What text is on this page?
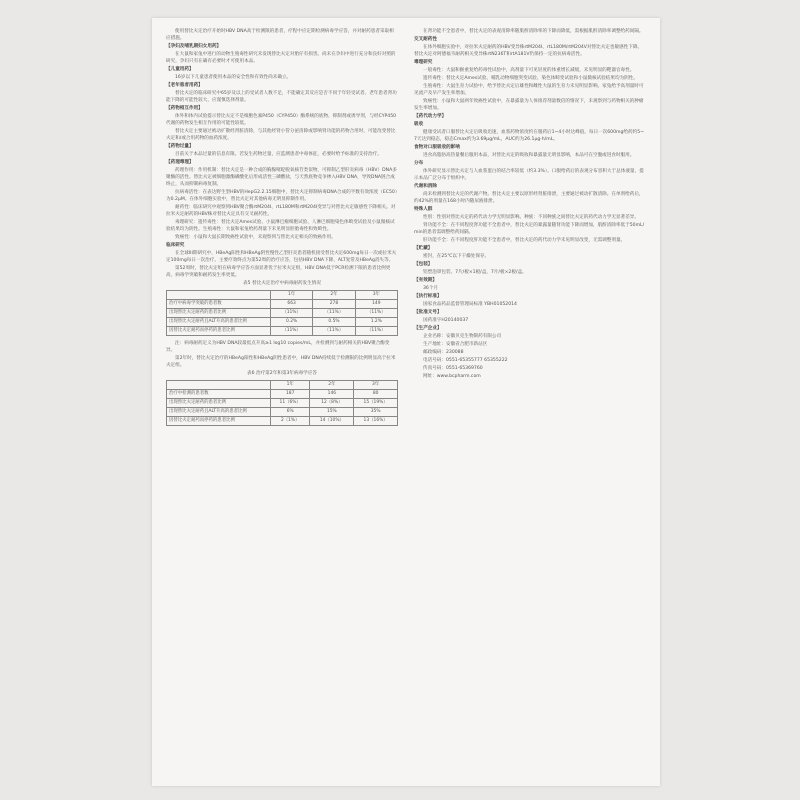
使用替比夫定治疗开始时HBV DNA高于检测限的患者，疗程中应定期检测病毒学应答，并对耐药患者采取相应措施。

【孕妇及哺乳期妇女用药】

在大鼠和家兔中进行的动物生殖毒性研究未发现替比夫定对胎仔有损害。尚未在孕妇中进行充分和良好对照的研究，孕妇只有在确有必要时才可使用本品。

【儿童用药】

16岁以下儿童患者使用本品的安全性和有效性尚未确立。

【老年患者用药】

替比夫定的临床研究中65岁及以上的受试者人数不足，不能确定其反应是否不同于年轻受试者。老年患者肾功能下降的可能性较大，应谨慎选择剂量。

【药物相互作用】

体外和体内试验提示替比夫定不是细胞色素P450（CYP450）酶系统的底物、抑制剂或诱导剂，与经CYP450代谢的药物发生相互作用的可能性较低。

替比夫定主要通过被动扩散经肾脏清除，与其他经肾小管分泌清除或影响肾功能的药物合用时，可能改变替比夫定和/或合用药物的血药浓度。

【药物过量】

目前关于本品过量的信息有限。若发生药物过量，应监测患者中毒体征，必要时给予标准的支持治疗。

【药理毒理】

药理作用：作用机制：替比夫定是一种合成的胸腺嘧啶脱氧核苷类似物，可抑制乙型肝炎病毒（HBV）DNA多聚酶的活性。替比夫定被细胞激酶磷酸化后形成活性三磷酸盐，与天然底物竞争掺入HBV DNA，导致DNA链合成终止，从而抑制病毒复制。

抗病毒活性：在表达野生型HBV的HepG2.2.15细胞中，替比夫定抑制病毒DNA合成的半数有效浓度（EC50）为0.2μM。在体外细胞实验中，替比夫定对其他病毒无明显抑制作用。

耐药性：临床研究中观察到HBV聚合酶rtM204I、rtL180M和rtM204I变异与对替比夫定敏感性下降相关。对拉米夫定耐药的HBV株对替比夫定具有交叉耐药性。

毒理研究：遗传毒性：替比夫定Ames试验、小鼠淋巴瘤细胞试验、人淋巴细胞染色体畸变试验及小鼠微核试验结果均为阴性。生殖毒性：大鼠和家兔给药剂量下未见明显胚胎毒性和致畸性。

致癌性：小鼠和大鼠长期致癌性试验中，未观察到与替比夫定相关的致癌作用。

临床研究

在全球III期研究中，HBeAg阳性和HBeAg阴性慢性乙型肝炎患者随机接受替比夫定600mg每日一次或拉米夫定100mg每日一次治疗。主要疗效终点为第52周的治疗应答，包括HBV DNA下降、ALT复常及HBeAg消失等。

第52周时，替比夫定组在病毒学应答方面显著优于拉米夫定组，HBV DNA低于PCR检测下限的患者比例更高，病毒学突破和耐药发生率更低。

表5 替比夫定治疗中病毒耐药发生情况
	1年	2年	3年
治疗中病毒学突破的患者数	663	278	149
出现替比夫定耐药的患者比例	（11%）	（11%）	（11%）
出现替比夫定耐药且ALT升高的患者比例	0.2%	0.5%	1.2%
因替比夫定耐药而停药的患者比例	（11%）	（11%）	（11%）

注：病毒耐药定义为HBV DNA较最低点升高≥1 log10 copies/mL，并检测到与耐药相关的HBV聚合酶变异。

第2年时，替比夫定治疗的HBeAg阳性和HBeAg阴性患者中，HBV DNA持续低于检测限的比例明显高于拉米夫定组。

表6 治疗第2年和第3年病毒学应答
	1年	2年	3年
治疗中检测的患者数	187	146	80
出现替比夫定耐药的患者比例	11（6%）	12（8%）	15（19%）
出现替比夫定耐药且ALT升高的患者比例	6%	15%	35%
因替比夫定耐药而停药的患者比例	2（1%）	14（10%）	13（16%）

在肾功能不全患者中，替比夫定的表观清除率随肌酐清除率的下降而降低，需根据肌酐清除率调整给药间隔。

交叉耐药性

在体外细胞实验中，对拉米夫定耐药的HBV变异株rtM204I、rtL180M/rtM204V对替比夫定也敏感性下降。替比夫定对阿德福韦耐药相关变异株rtN236T和rtA181V仍保持一定的抗病毒活性。

毒理研究

一般毒性：大鼠和猴重复给药毒性试验中，高剂量下可见轻度的体重增长减缓，未见明显的靶器官毒性。

遗传毒性：替比夫定Ames试验、哺乳动物细胞突变试验、染色体畸变试验和小鼠微核试验结果均为阴性。

生殖毒性：大鼠生育力试验中，给予替比夫定后雄性和雌性大鼠的生育力未见明显影响。家兔给予高剂量时可见流产及早产发生率增加。

致癌性：小鼠和大鼠两年致癌性试验中，在暴露量为人体推荐剂量数倍的情况下，未观察到与药物相关的肿瘤发生率增加。

【药代动力学】

吸收

健康受试者口服替比夫定后吸收迅速，血浆药物浓度约在服药后1~4小时达峰值。每日一次600mg给药约5~7天达到稳态，稳态Cmax约为3.69μg/mL，AUC约为26.1μg·h/mL。

食物对口服吸收的影响

进食高脂肪高热量餐后服用本品，对替比夫定的吸收和暴露量无明显影响，本品可在空腹或进食时服用。

分布

体外研究显示替比夫定与人血浆蛋白的结合率较低（约3.3%）。口服给药后的表观分布容积大于总体液量，提示本品广泛分布于组织中。

代谢和消除

尚未检测到替比夫定的代谢产物。替比夫定主要以原形经肾脏排泄，主要通过被动扩散清除。在单剂给药后，约42%的剂量在168小时内随尿液排泄。

特殊人群

性别：性别对替比夫定的药代动力学无明显影响。种族：不同种族之间替比夫定的药代动力学无显著差异。

肾功能不全：在不同程度肾功能不全患者中，替比夫定的暴露量随肾功能下降而增加，肌酐清除率低于50mL/min的患者需调整给药间隔。

肝功能不全：在不同程度肝功能不全患者中，替比夫定的药代动力学未见明显改变，无需调整剂量。

【贮藏】

密封，在25℃以下干燥处保存。

【包装】

铝塑泡罩包装。7片/板×1板/盒，7片/板×2板/盒。

【有效期】

36个月

【执行标准】

国家食品药品监督管理局标准 YBH01052014

【批准文号】

国药准字H20140037

【生产企业】

企业名称：安徽贝克生物制药有限公司

生产地址：安徽省合肥市新站区

邮政编码：230088

电话号码：0551-65355777 65355222

传真号码：0551-65369760

网址：www.bcpharm.com
